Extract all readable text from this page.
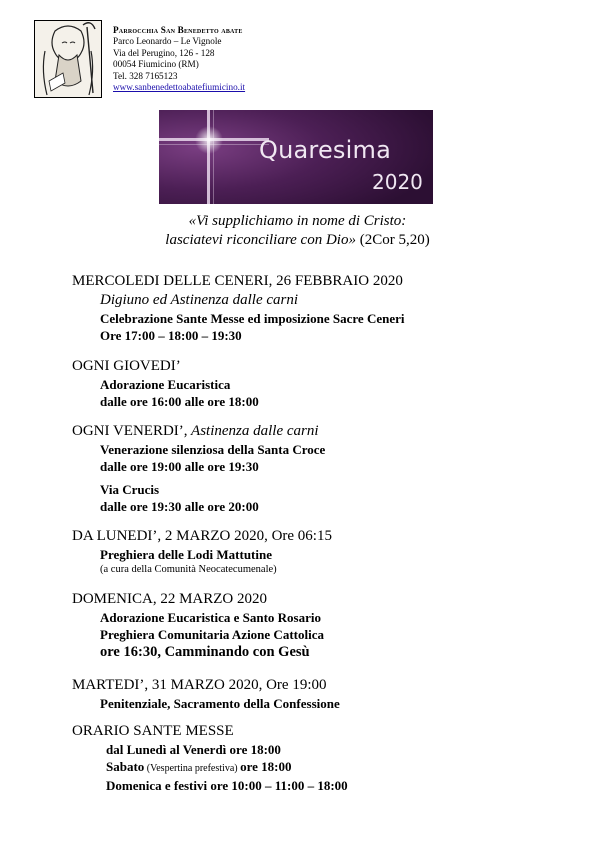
Parrocchia San Benedetto abate
Parco Leonardo – Le Vignole
Via del Perugino, 126 - 128
00054 Fiumicino (RM)
Tel. 328 7165123
www.sanbenedettoabatefiumicino.it
Quaresima
2020
«Vi supplichiamo in nome di Cristo:
lasciatevi riconciliare con Dio» (2Cor 5,20)
MERCOLEDI DELLE CENERI, 26 FEBBRAIO 2020
Digiuno ed Astinenza dalle carni
Celebrazione Sante Messe ed imposizione Sacre Ceneri
Ore 17:00 – 18:00 – 19:30
OGNI GIOVEDI’
Adorazione Eucaristica
dalle ore 16:00 alle ore 18:00
OGNI VENERDI’, Astinenza dalle carni
Venerazione silenziosa della Santa Croce
dalle ore 19:00 alle ore 19:30
Via Crucis
dalle ore 19:30 alle ore 20:00
DA LUNEDI’, 2 MARZO 2020, Ore 06:15
Preghiera delle Lodi Mattutine
(a cura della Comunità Neocatecumenale)
DOMENICA, 22 MARZO 2020
Adorazione Eucaristica e Santo Rosario
Preghiera Comunitaria Azione Cattolica
ore 16:30, Camminando con Gesù
MARTEDI’, 31 MARZO 2020, Ore 19:00
Penitenziale, Sacramento della Confessione
ORARIO SANTE MESSE
dal Lunedì al Venerdì ore 18:00
Sabato (Vespertina prefestiva) ore 18:00
Domenica e festivi ore 10:00 – 11:00 – 18:00
